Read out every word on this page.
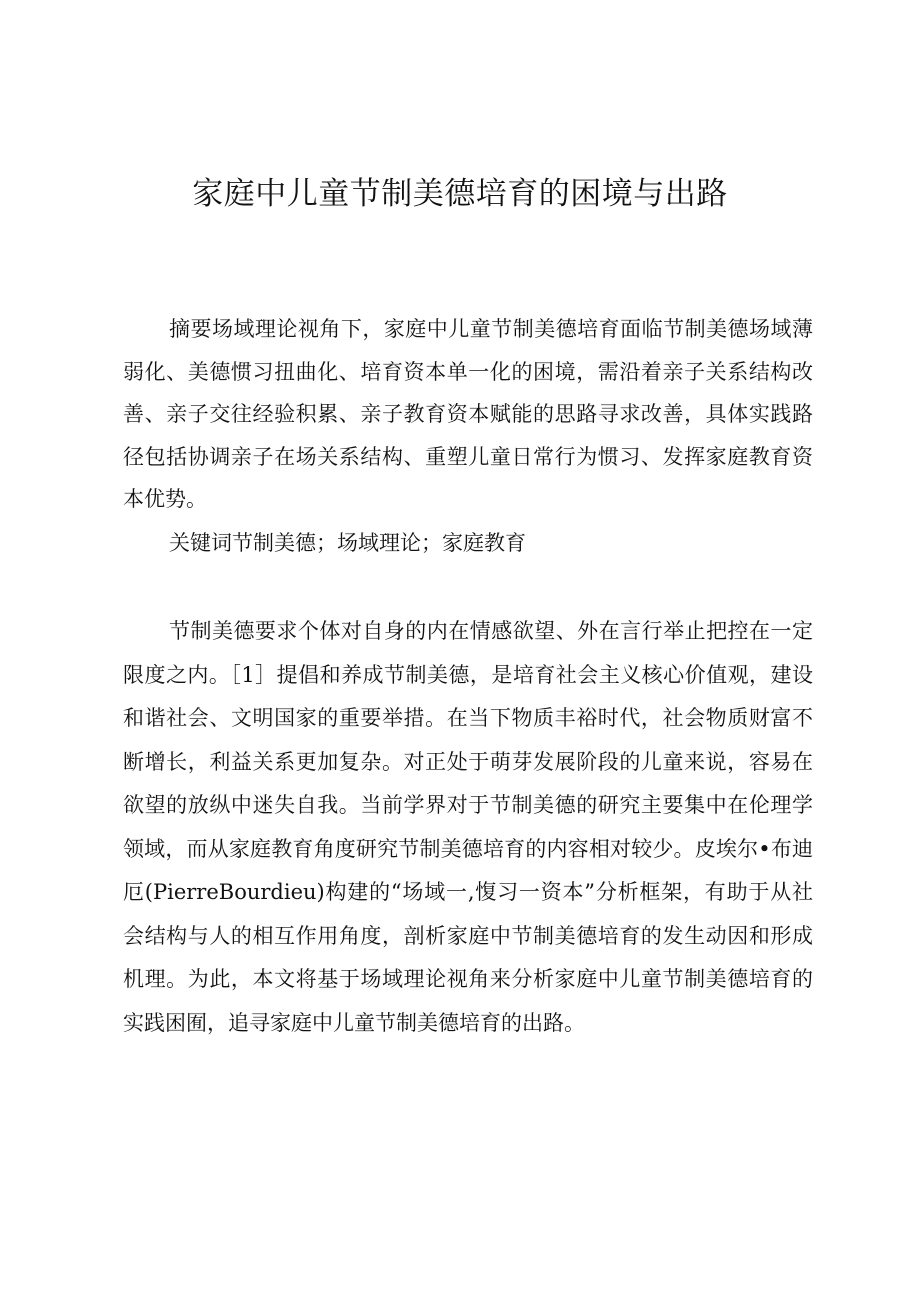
家庭中儿童节制美德培育的困境与出路

摘要场域理论视角下，家庭中儿童节制美德培育面临节制美德场域薄弱化、美德惯习扭曲化、培育资本单一化的困境，需沿着亲子关系结构改善、亲子交往经验积累、亲子教育资本赋能的思路寻求改善，具体实践路径包括协调亲子在场关系结构、重塑儿童日常行为惯习、发挥家庭教育资本优势。

关键词节制美德；场域理论；家庭教育

节制美德要求个体对自身的内在情感欲望、外在言行举止把控在一定限度之内。［1］提倡和养成节制美德，是培育社会主义核心价值观，建设和谐社会、文明国家的重要举措。在当下物质丰裕时代，社会物质财富不断增长，利益关系更加复杂。对正处于萌芽发展阶段的儿童来说，容易在欲望的放纵中迷失自我。当前学界对于节制美德的研究主要集中在伦理学领域，而从家庭教育角度研究节制美德培育的内容相对较少。皮埃尔•布迪厄(PierreBourdieu)构建的“场域一,愎习一资本”分析框架，有助于从社会结构与人的相互作用角度，剖析家庭中节制美德培育的发生动因和形成机理。为此，本文将基于场域理论视角来分析家庭中儿童节制美德培育的实践困囿，追寻家庭中儿童节制美德培育的出路。
